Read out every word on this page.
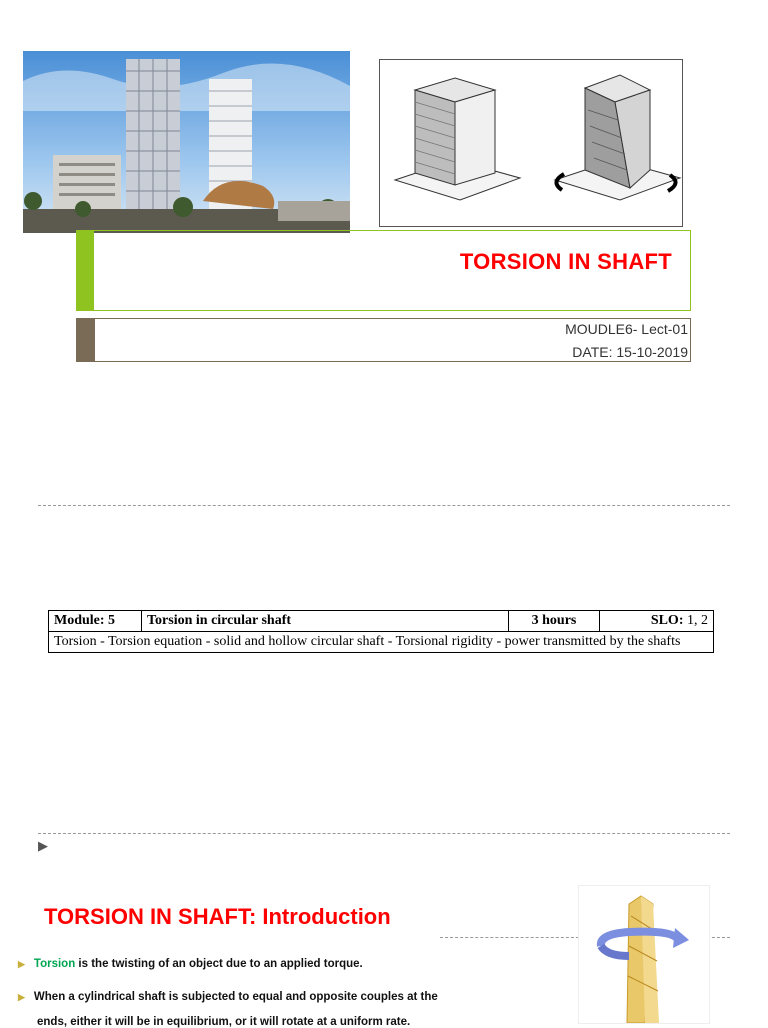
TORSION IN SHAFT
MOUDLE6- Lect-01
DATE: 15-10-2019
Module: 5	Torsion in circular shaft	3 hours	SLO: 1, 2
Torsion - Torsion equation - solid and hollow circular shaft - Torsional rigidity - power transmitted by the shafts
▶
TORSION IN SHAFT: Introduction
▶ Torsion is the twisting of an object due to an applied torque.
▶ When a cylindrical shaft is subjected to equal and opposite couples at the
ends, either it will be in equilibrium, or it will rotate at a uniform rate.
